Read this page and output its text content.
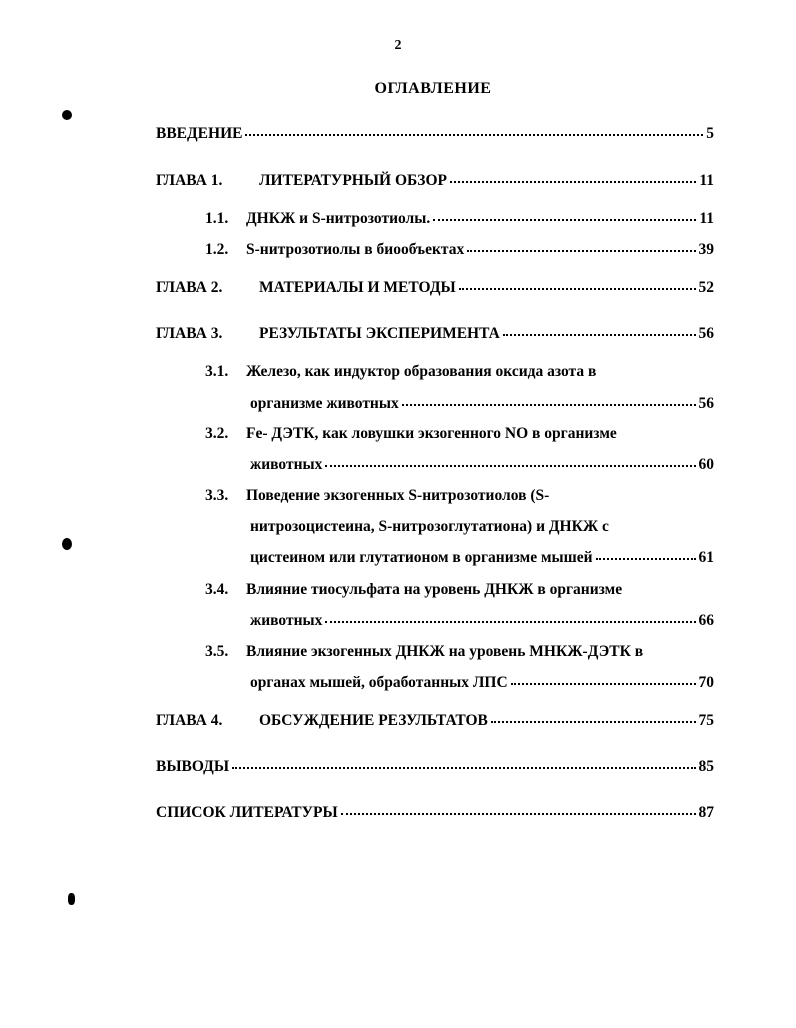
2
ОГЛАВЛЕНИЕ
ВВЕДЕНИЕ	5
ГЛАВА 1.	ЛИТЕРАТУРНЫЙ ОБЗОР	11
1.1.	ДНКЖ и S-нитрозотиолы.	11
1.2.	S-нитрозотиолы в биообъектах	39
ГЛАВА 2.	МАТЕРИАЛЫ И МЕТОДЫ	52
ГЛАВА 3.	РЕЗУЛЬТАТЫ ЭКСПЕРИМЕНТА	56
3.1.	Железо, как индуктор образования оксида азота в
организме животных	56
3.2.	Fe- ДЭТК, как ловушки экзогенного NO в организме
животных	60
3.3.	Поведение экзогенных S-нитрозотиолов (S-
нитрозоцистеина, S-нитрозоглутатиона) и ДНКЖ с
цистеином или глутатионом в организме мышей	61
3.4.	Влияние тиосульфата на уровень ДНКЖ в организме
животных	66
3.5.	Влияние экзогенных ДНКЖ на уровень МНКЖ-ДЭТК в
органах мышей, обработанных ЛПС	70
ГЛАВА 4.	ОБСУЖДЕНИЕ РЕЗУЛЬТАТОВ	75
ВЫВОДЫ	85
СПИСОК ЛИТЕРАТУРЫ	87
